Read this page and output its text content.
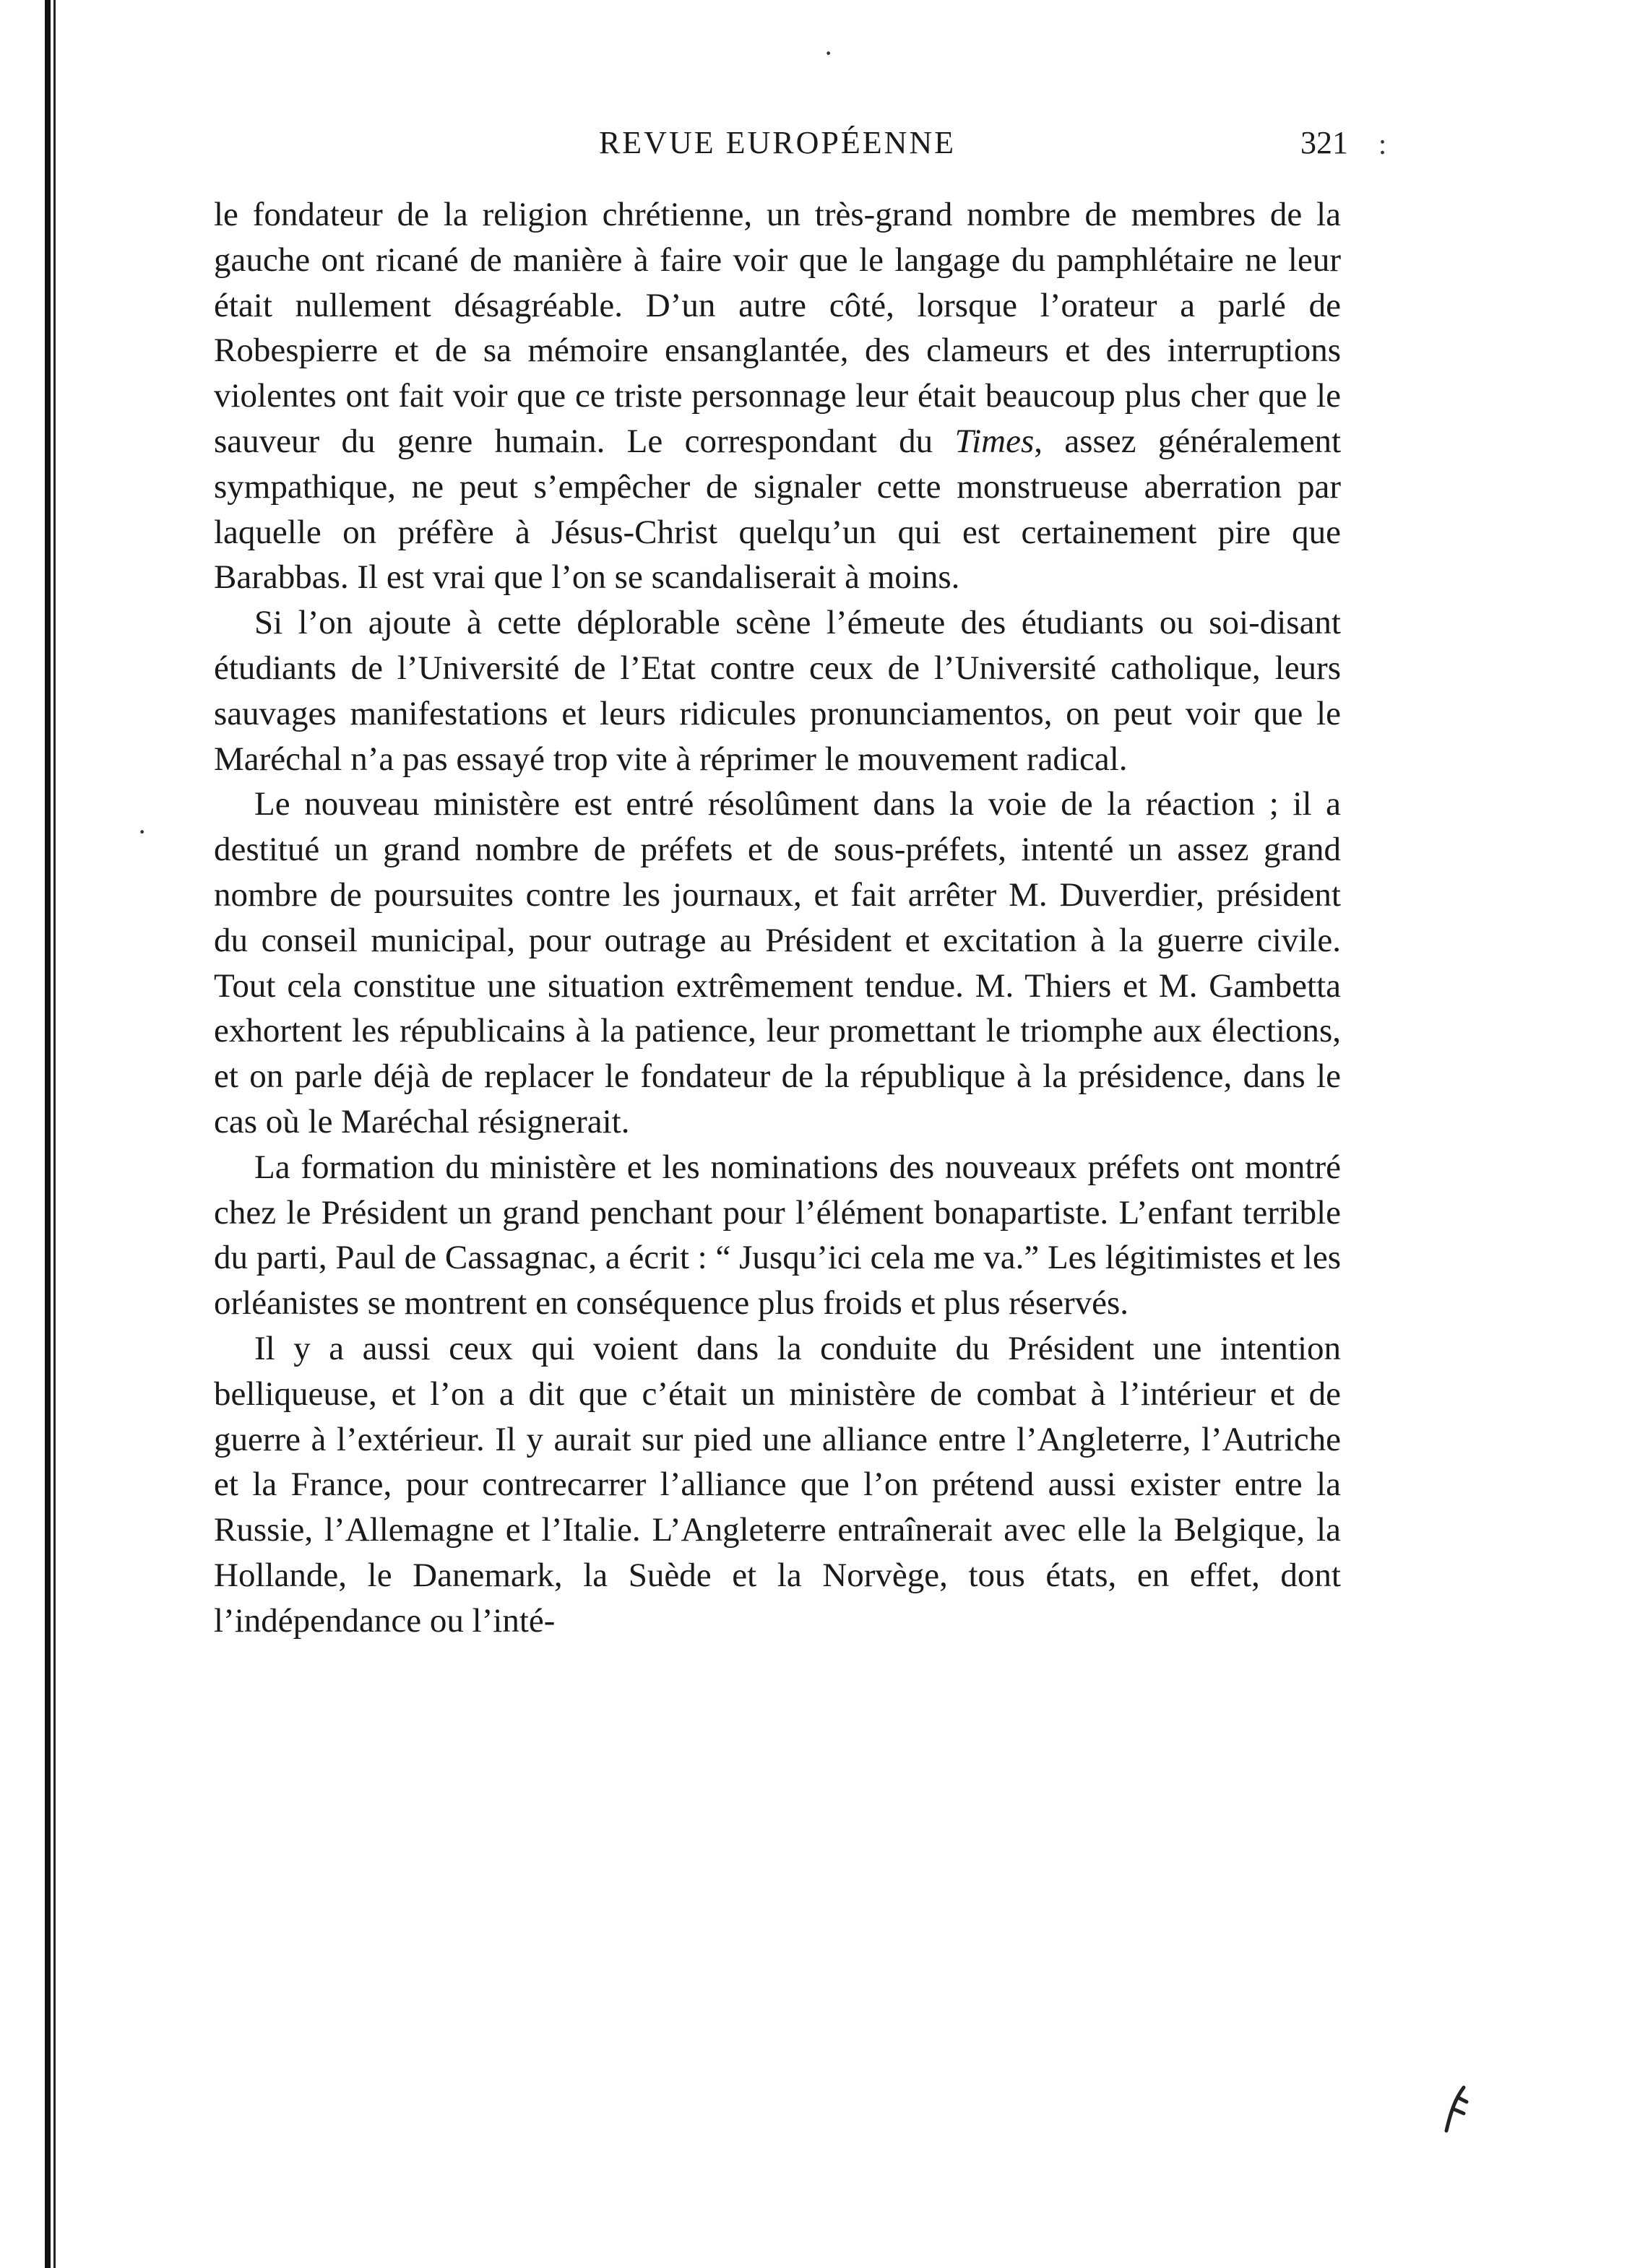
·
·
:
REVUE EUROPÉENNE	321

le fondateur de la religion chrétienne, un très-grand nombre de membres de la gauche ont ricané de manière à faire voir que le langage du pamphlétaire ne leur était nullement désagréable. D’un autre côté, lorsque l’orateur a parlé de Robespierre et de sa mémoire ensanglantée, des clameurs et des interruptions violentes ont fait voir que ce triste personnage leur était beaucoup plus cher que le sauveur du genre humain. Le correspondant du Times, assez généralement sympathique, ne peut s’empêcher de signaler cette monstrueuse aberration par laquelle on préfère à Jésus-Christ quelqu’un qui est certainement pire que Barabbas. Il est vrai que l’on se scandaliserait à moins.

Si l’on ajoute à cette déplorable scène l’émeute des étudiants ou soi-disant étudiants de l’Université de l’Etat contre ceux de l’Université catholique, leurs sauvages manifestations et leurs ridicules pronunciamentos, on peut voir que le Maréchal n’a pas essayé trop vite à réprimer le mouvement radical.

Le nouveau ministère est entré résolûment dans la voie de la réaction ; il a destitué un grand nombre de préfets et de sous-préfets, intenté un assez grand nombre de poursuites contre les journaux, et fait arrêter M. Duverdier, président du conseil municipal, pour outrage au Président et excitation à la guerre civile. Tout cela constitue une situation extrêmement tendue. M. Thiers et M. Gambetta exhortent les républicains à la patience, leur promettant le triomphe aux élections, et on parle déjà de replacer le fondateur de la république à la présidence, dans le cas où le Maréchal résignerait.

La formation du ministère et les nominations des nouveaux préfets ont montré chez le Président un grand penchant pour l’élément bonapartiste. L’enfant terrible du parti, Paul de Cassagnac, a écrit : “ Jusqu’ici cela me va.” Les légitimistes et les orléanistes se montrent en conséquence plus froids et plus réservés.

Il y a aussi ceux qui voient dans la conduite du Président une intention belliqueuse, et l’on a dit que c’était un ministère de combat à l’intérieur et de guerre à l’extérieur. Il y aurait sur pied une alliance entre l’Angleterre, l’Autriche et la France, pour contrecarrer l’alliance que l’on prétend aussi exister entre la Russie, l’Allemagne et l’Italie. L’Angleterre entraînerait avec elle la Belgique, la Hollande, le Danemark, la Suède et la Norvège, tous états, en effet, dont l’indépendance ou l’inté-
